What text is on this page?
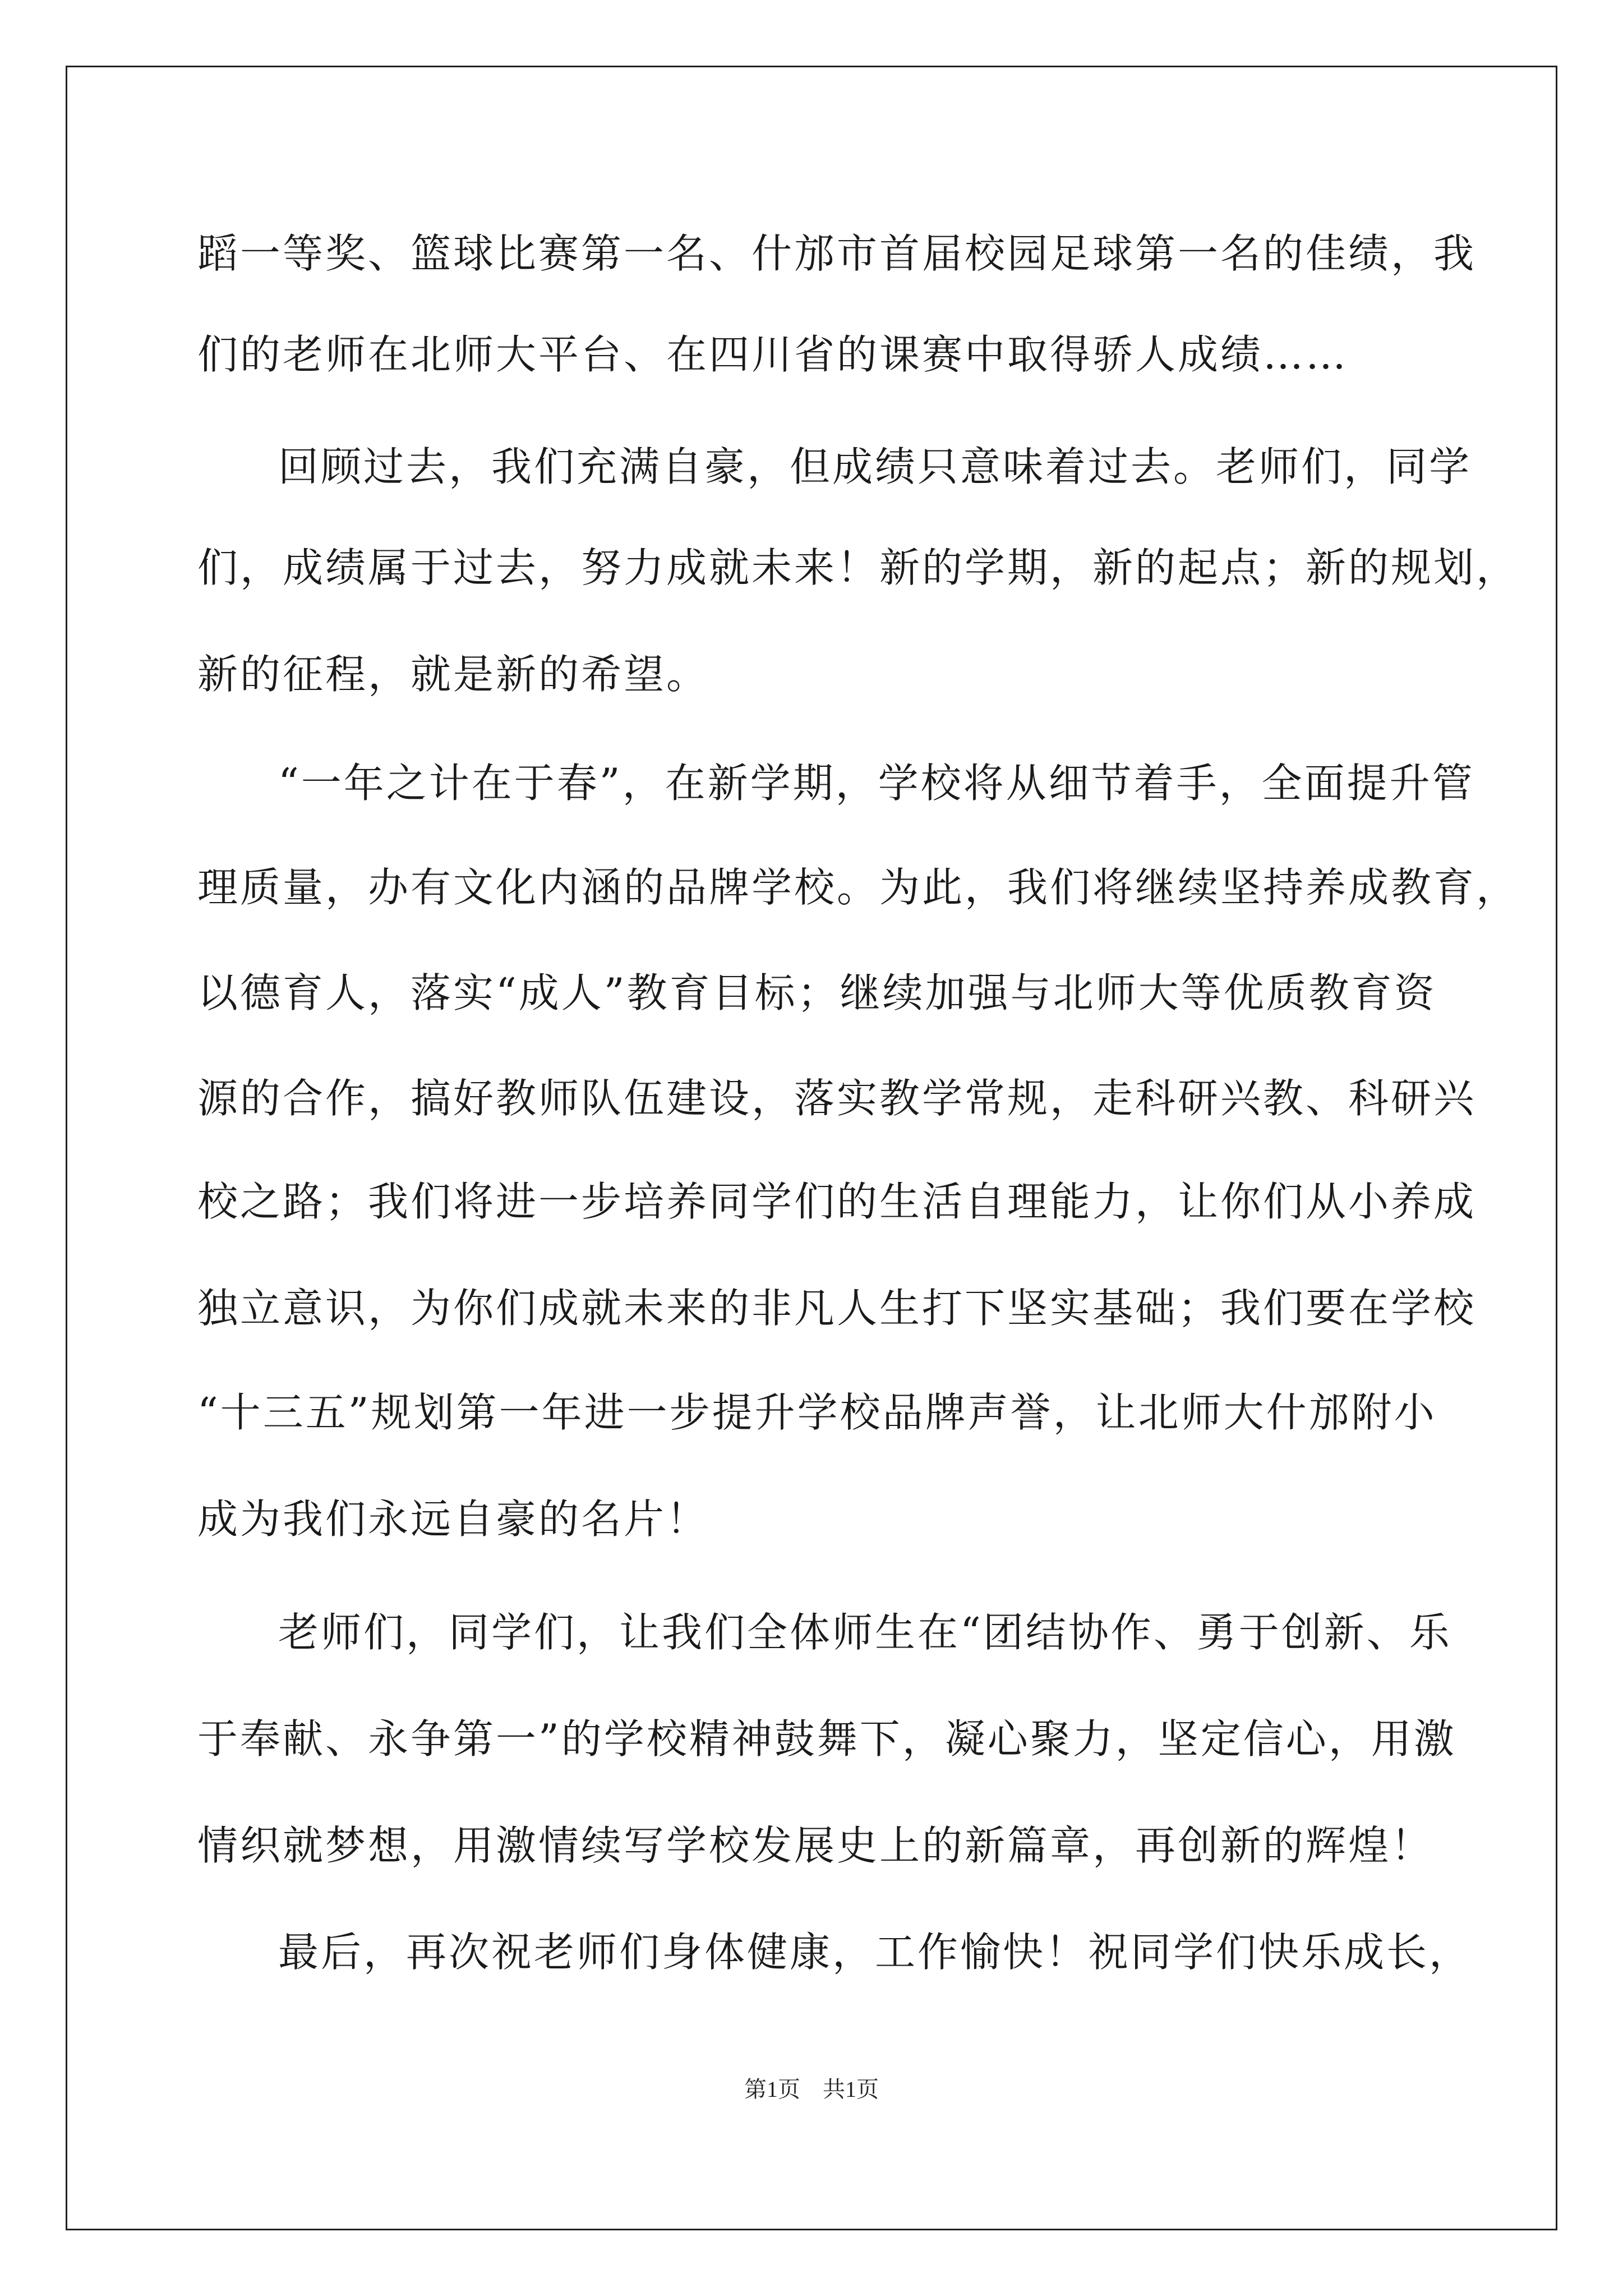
蹈一等奖、篮球比赛第一名、什邡市首届校园足球第一名的佳绩，我
们的老师在北师大平台、在四川省的课赛中取得骄人成绩……
回顾过去，我们充满自豪，但成绩只意味着过去。老师们，同学
们，成绩属于过去，努力成就未来！新的学期，新的起点；新的规划，
新的征程，就是新的希望。
“一年之计在于春”，在新学期，学校将从细节着手，全面提升管
理质量，办有文化内涵的品牌学校。为此，我们将继续坚持养成教育，
以德育人，落实“成人”教育目标；继续加强与北师大等优质教育资
源的合作，搞好教师队伍建设，落实教学常规，走科研兴教、科研兴
校之路；我们将进一步培养同学们的生活自理能力，让你们从小养成
独立意识，为你们成就未来的非凡人生打下坚实基础；我们要在学校
“十三五”规划第一年进一步提升学校品牌声誉，让北师大什邡附小
成为我们永远自豪的名片！
老师们，同学们，让我们全体师生在“团结协作、勇于创新、乐
于奉献、永争第一”的学校精神鼓舞下，凝心聚力，坚定信心，用激
情织就梦想，用激情续写学校发展史上的新篇章，再创新的辉煌！
最后，再次祝老师们身体健康，工作愉快！祝同学们快乐成长，
第1页　共1页
